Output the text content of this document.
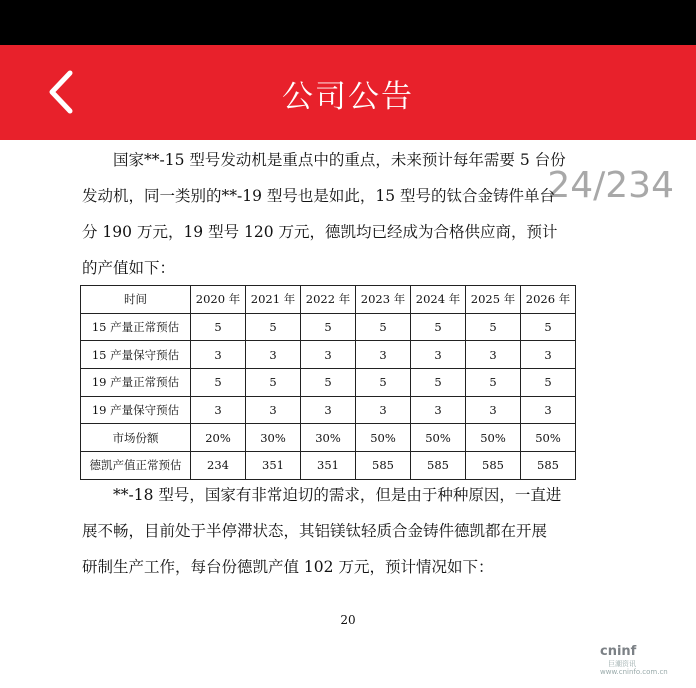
公司公告
24/234
国家**-15 型号发动机是重点中的重点，未来预计每年需要 5 台份
发动机，同一类别的**-19 型号也是如此，15 型号的钛合金铸件单台
分 190 万元，19 型号 120 万元，德凯均已经成为合格供应商，预计
的产值如下：
时间	2020 年	2021 年	2022 年	2023 年	2024 年	2025 年	2026 年
15 产量正常预估	5	5	5	5	5	5	5
15 产量保守预估	3	3	3	3	3	3	3
19 产量正常预估	5	5	5	5	5	5	5
19 产量保守预估	3	3	3	3	3	3	3
市场份额	20%	30%	30%	50%	50%	50%	50%
德凯产值正常预估	234	351	351	585	585	585	585
**-18 型号，国家有非常迫切的需求，但是由于种种原因，一直进
展不畅，目前处于半停滞状态，其铝镁钛轻质合金铸件德凯都在开展
研制生产工作，每台份德凯产值 102 万元，预计情况如下：
20
cninf
巨潮资讯
www.cninfo.com.cn
